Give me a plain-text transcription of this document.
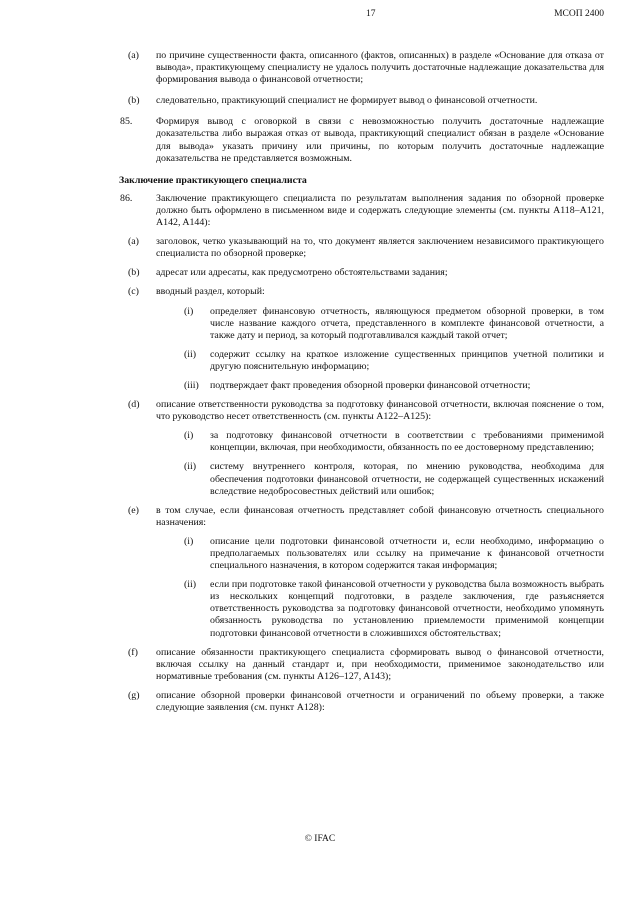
17	МСОП 2400
(a) по причине существенности факта, описанного (фактов, описанных) в разделе «Основание для отказа от вывода», практикующему специалисту не удалось получить достаточные надлежащие доказательства для формирования вывода о финансовой отчетности;
(b) следовательно, практикующий специалист не формирует вывод о финансовой отчетности.
85. Формируя вывод с оговоркой в связи с невозможностью получить достаточные надлежащие доказательства либо выражая отказ от вывода, практикующий специалист обязан в разделе «Основание для вывода» указать причину или причины, по которым получить достаточные надлежащие доказательства не представляется возможным.
Заключение практикующего специалиста
86. Заключение практикующего специалиста по результатам выполнения задания по обзорной проверке должно быть оформлено в письменном виде и содержать следующие элементы (см. пункты A118–A121, A142, A144):
(a) заголовок, четко указывающий на то, что документ является заключением независимого практикующего специалиста по обзорной проверке;
(b) адресат или адресаты, как предусмотрено обстоятельствами задания;
(c) вводный раздел, который:
(i) определяет финансовую отчетность, являющуюся предметом обзорной проверки, в том числе название каждого отчета, представленного в комплекте финансовой отчетности, а также дату и период, за который подготавливался каждый такой отчет;
(ii) содержит ссылку на краткое изложение существенных принципов учетной политики и другую пояснительную информацию;
(iii) подтверждает факт проведения обзорной проверки финансовой отчетности;
(d) описание ответственности руководства за подготовку финансовой отчетности, включая пояснение о том, что руководство несет ответственность (см. пункты A122–A125):
(i) за подготовку финансовой отчетности в соответствии с требованиями применимой концепции, включая, при необходимости, обязанность по ее достоверному представлению;
(ii) систему внутреннего контроля, которая, по мнению руководства, необходима для обеспечения подготовки финансовой отчетности, не содержащей существенных искажений вследствие недобросовестных действий или ошибок;
(e) в том случае, если финансовая отчетность представляет собой финансовую отчетность специального назначения:
(i) описание цели подготовки финансовой отчетности и, если необходимо, информацию о предполагаемых пользователях или ссылку на примечание к финансовой отчетности специального назначения, в котором содержится такая информация;
(ii) если при подготовке такой финансовой отчетности у руководства была возможность выбрать из нескольких концепций подготовки, в разделе заключения, где разъясняется ответственность руководства за подготовку финансовой отчетности, необходимо упомянуть обязанность руководства по установлению приемлемости применимой концепции подготовки финансовой отчетности в сложившихся обстоятельствах;
(f) описание обязанности практикующего специалиста сформировать вывод о финансовой отчетности, включая ссылку на данный стандарт и, при необходимости, применимое законодательство или нормативные требования (см. пункты A126–127, A143);
(g) описание обзорной проверки финансовой отчетности и ограничений по объему проверки, а также следующие заявления (см. пункт A128):
© IFAC
